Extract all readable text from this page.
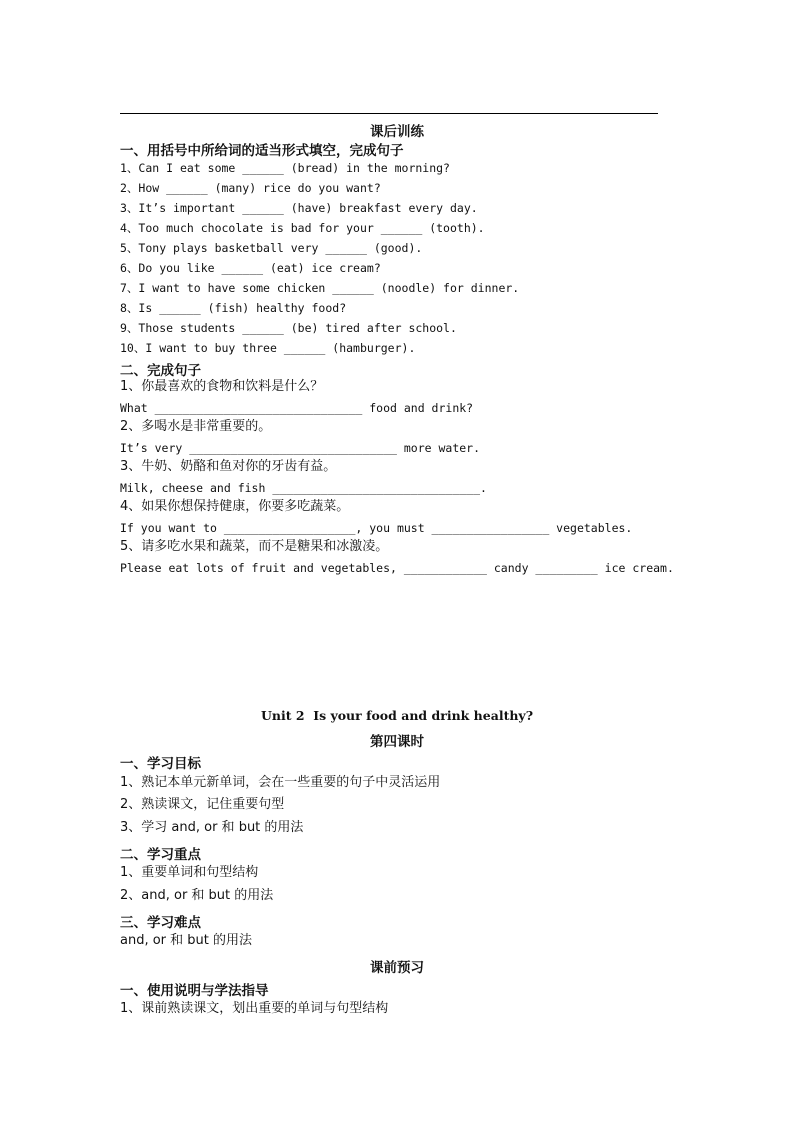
课后训练
一、用括号中所给词的适当形式填空，完成句子
1、Can I eat some ______ (bread) in the morning?
2、How ______ (many) rice do you want?
3、It’s important ______ (have) breakfast every day.
4、Too much chocolate is bad for your ______ (tooth).
5、Tony plays basketball very ______ (good).
6、Do you like ______ (eat) ice cream?
7、I want to have some chicken ______ (noodle) for dinner.
8、Is ______ (fish) healthy food?
9、Those students ______ (be) tired after school.
10、I want to buy three ______ (hamburger).
二、完成句子
1、你最喜欢的食物和饮料是什么？
What ______________________________ food and drink?
2、多喝水是非常重要的。
It’s very ______________________________ more water.
3、牛奶、奶酪和鱼对你的牙齿有益。
Milk, cheese and fish ______________________________.
4、如果你想保持健康，你要多吃蔬菜。
If you want to ___________________, you must _________________ vegetables.
5、请多吃水果和蔬菜，而不是糖果和冰激凌。
Please eat lots of fruit and vegetables, ____________ candy _________ ice cream.
Unit 2  Is your food and drink healthy?
第四课时
一、学习目标
1、熟记本单元新单词，会在一些重要的句子中灵活运用
2、熟读课文，记住重要句型
3、学习 and, or 和 but 的用法
二、学习重点
1、重要单词和句型结构
2、and, or 和 but 的用法
三、学习难点
and, or 和 but 的用法
课前预习
一、使用说明与学法指导
1、课前熟读课文，划出重要的单词与句型结构
